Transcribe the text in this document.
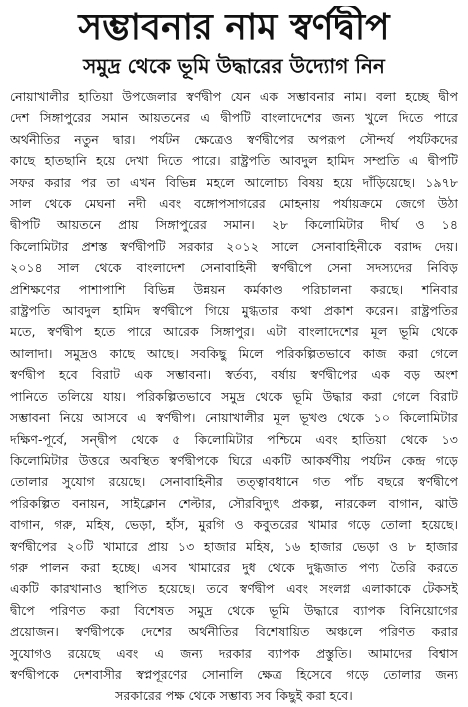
সম্ভাবনার নাম স্বর্ণদ্বীপ
সমুদ্র থেকে ভূমি উদ্ধারের উদ্যোগ নিন
নোয়াখালীর হাতিয়া উপজেলার স্বর্ণদ্বীপ যেন এক সম্ভাবনার নাম। বলা হচ্ছে দ্বীপ
দেশ সিঙ্গাপুরের সমান আয়তনের এ দ্বীপটি বাংলাদেশের জন্য খুলে দিতে পারে
অর্থনীতির নতুন দ্বার। পর্যটন ক্ষেত্রেও স্বর্ণদ্বীপের অপরূপ সৌন্দর্য পর্যটকদের
কাছে হাতছানি হয়ে দেখা দিতে পারে। রাষ্ট্রপতি আবদুল হামিদ সম্প্রতি এ দ্বীপটি
সফর করার পর তা এখন বিভিন্ন মহলে আলোচ্য বিষয় হয়ে দাঁড়িয়েছে। ১৯৭৮
সাল থেকে মেঘনা নদী এবং বঙ্গোপসাগরের মোহনায় পর্যায়ক্রমে জেগে উঠা
দ্বীপটি আয়তনে প্রায় সিঙ্গাপুরের সমান। ২৮ কিলোমিটার দীর্ঘ ও ১৪
কিলোমিটার প্রশস্ত স্বর্ণদ্বীপটি সরকার ২০১২ সালে সেনাবাহিনীকে বরাদ্দ দেয়।
২০১৪ সাল থেকে বাংলাদেশ সেনাবাহিনী স্বর্ণদ্বীপে সেনা সদস্যদের নিবিড়
প্রশিক্ষণের পাশাপাশি বিভিন্ন উন্নয়ন কর্মকাণ্ড পরিচালনা করছে। শনিবার
রাষ্ট্রপতি আবদুল হামিদ স্বর্ণদ্বীপে গিয়ে মুগ্ধতার কথা প্রকাশ করেন। রাষ্ট্রপতির
মতে, স্বর্ণদ্বীপ হতে পারে আরেক সিঙ্গাপুর। এটা বাংলাদেশের মূল ভূমি থেকে
আলাদা। সমুদ্রও কাছে আছে। সবকিছু মিলে পরিকল্পিতভাবে কাজ করা গেলে
স্বর্ণদ্বীপ হবে বিরাট এক সম্ভাবনা। স্বর্তব্য, বর্ষায় স্বর্ণদ্বীপের এক বড় অংশ
পানিতে তলিয়ে যায়। পরিকল্পিতভাবে সমুদ্র থেকে ভূমি উদ্ধার করা গেলে বিরাট
সম্ভাবনা নিয়ে আসবে এ স্বর্ণদ্বীপ। নোয়াখালীর মূল ভূখণ্ড থেকে ১০ কিলোমিটার
দক্ষিণ-পূর্বে, সন্দ্বীপ থেকে ৫ কিলোমিটার পশ্চিমে এবং হাতিয়া থেকে ১৩
কিলোমিটার উত্তরে অবস্থিত স্বর্ণদ্বীপকে ঘিরে একটি আকর্ষণীয় পর্যটন কেন্দ্র গড়ে
তোলার সুযোগ রয়েছে। সেনাবাহিনীর তত্ত্বাবধানে গত পাঁচ বছরে স্বর্ণদ্বীপে
পরিকল্পিত বনায়ন, সাইক্লোন শেল্টার, সৌরবিদ্যুৎ প্রকল্প, নারকেল বাগান, ঝাউ
বাগান, গরু, মহিষ, ভেড়া, হাঁস, মুরগি ও কবুতরের খামার গড়ে তোলা হয়েছে।
স্বর্ণদ্বীপের ২০টি খামারে প্রায় ১৩ হাজার মহিষ, ১৬ হাজার ভেড়া ও ৮ হাজার
গরু পালন করা হচ্ছে। এসব খামারের দুধ থেকে দুগ্ধজাত পণ্য তৈরি করতে
একটি কারখানাও স্থাপিত হয়েছে। তবে স্বর্ণদ্বীপ এবং সংলগ্ন এলাকাকে টেকসই
দ্বীপে পরিণত করা বিশেষত সমুদ্র থেকে ভূমি উদ্ধারে ব্যাপক বিনিয়োগের
প্রয়োজন। স্বর্ণদ্বীপকে দেশের অর্থনীতির বিশেষায়িত অঞ্চলে পরিণত করার
সুযোগও রয়েছে এবং এ জন্য দরকার ব্যাপক প্রস্তুতি। আমাদের বিশ্বাস
স্বর্ণদ্বীপকে দেশবাসীর স্বপ্নপূরণের সোনালি ক্ষেত্র হিসেবে গড়ে তোলার জন্য
সরকারের পক্ষ থেকে সম্ভাব্য সব কিছুই করা হবে।
